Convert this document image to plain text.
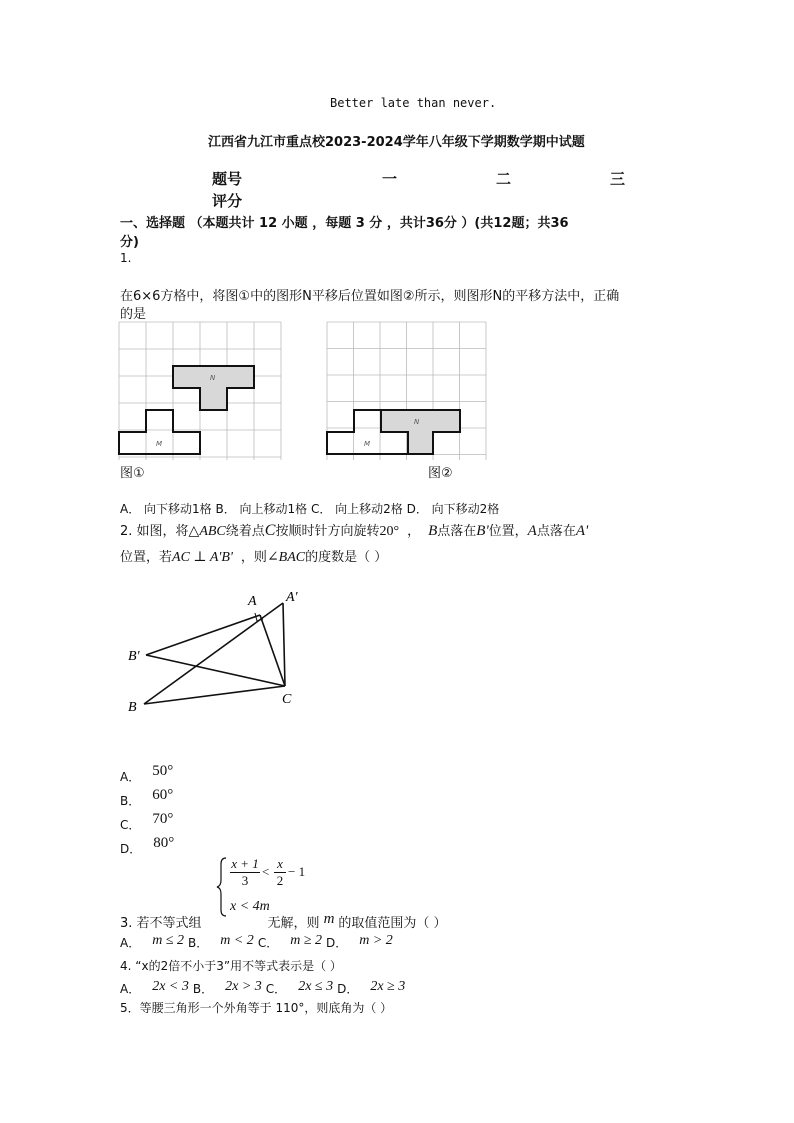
Better late than never.
江西省九江市重点校2023-2024学年八年级下学期数学期中试题
题号	一	二	三
评分
一、选择题 （本题共计 12 小题 ，每题 3 分 ，共计36分 ）(共12题；共36
分)
1.
在6×6方格中，将图①中的图形N平移后位置如图②所示，则图形N的平移方法中，正确
的是
N
M
N
M
图①	图②
A． 向下移动1格 B． 向上移动1格 C． 向上移动2格 D． 向下移动2格
2. 如图，将△ABC绕着点C按顺时针方向旋转20° ， B点落在B'位置，A点落在A'
位置，若AC ⊥ A'B' ，则∠BAC的度数是（ ）
A A′
B′
B
C
A． 50°
B． 60°
C． 70°
D． 80°
$\frac{x + 1}{3} < \frac{x}{2} - 1$
x < 4m
3. 若不等式组	无解，则 m 的取值范围为（ ）
A． m ≤ 2 B． m < 2 C． m ≥ 2 D． m > 2
4. “x的2倍不小于3”用不等式表示是（ ）
A． 2x < 3 B． 2x > 3 C． 2x ≤ 3 D． 2x ≥ 3
5．等腰三角形一个外角等于 110°，则底角为（ ）
